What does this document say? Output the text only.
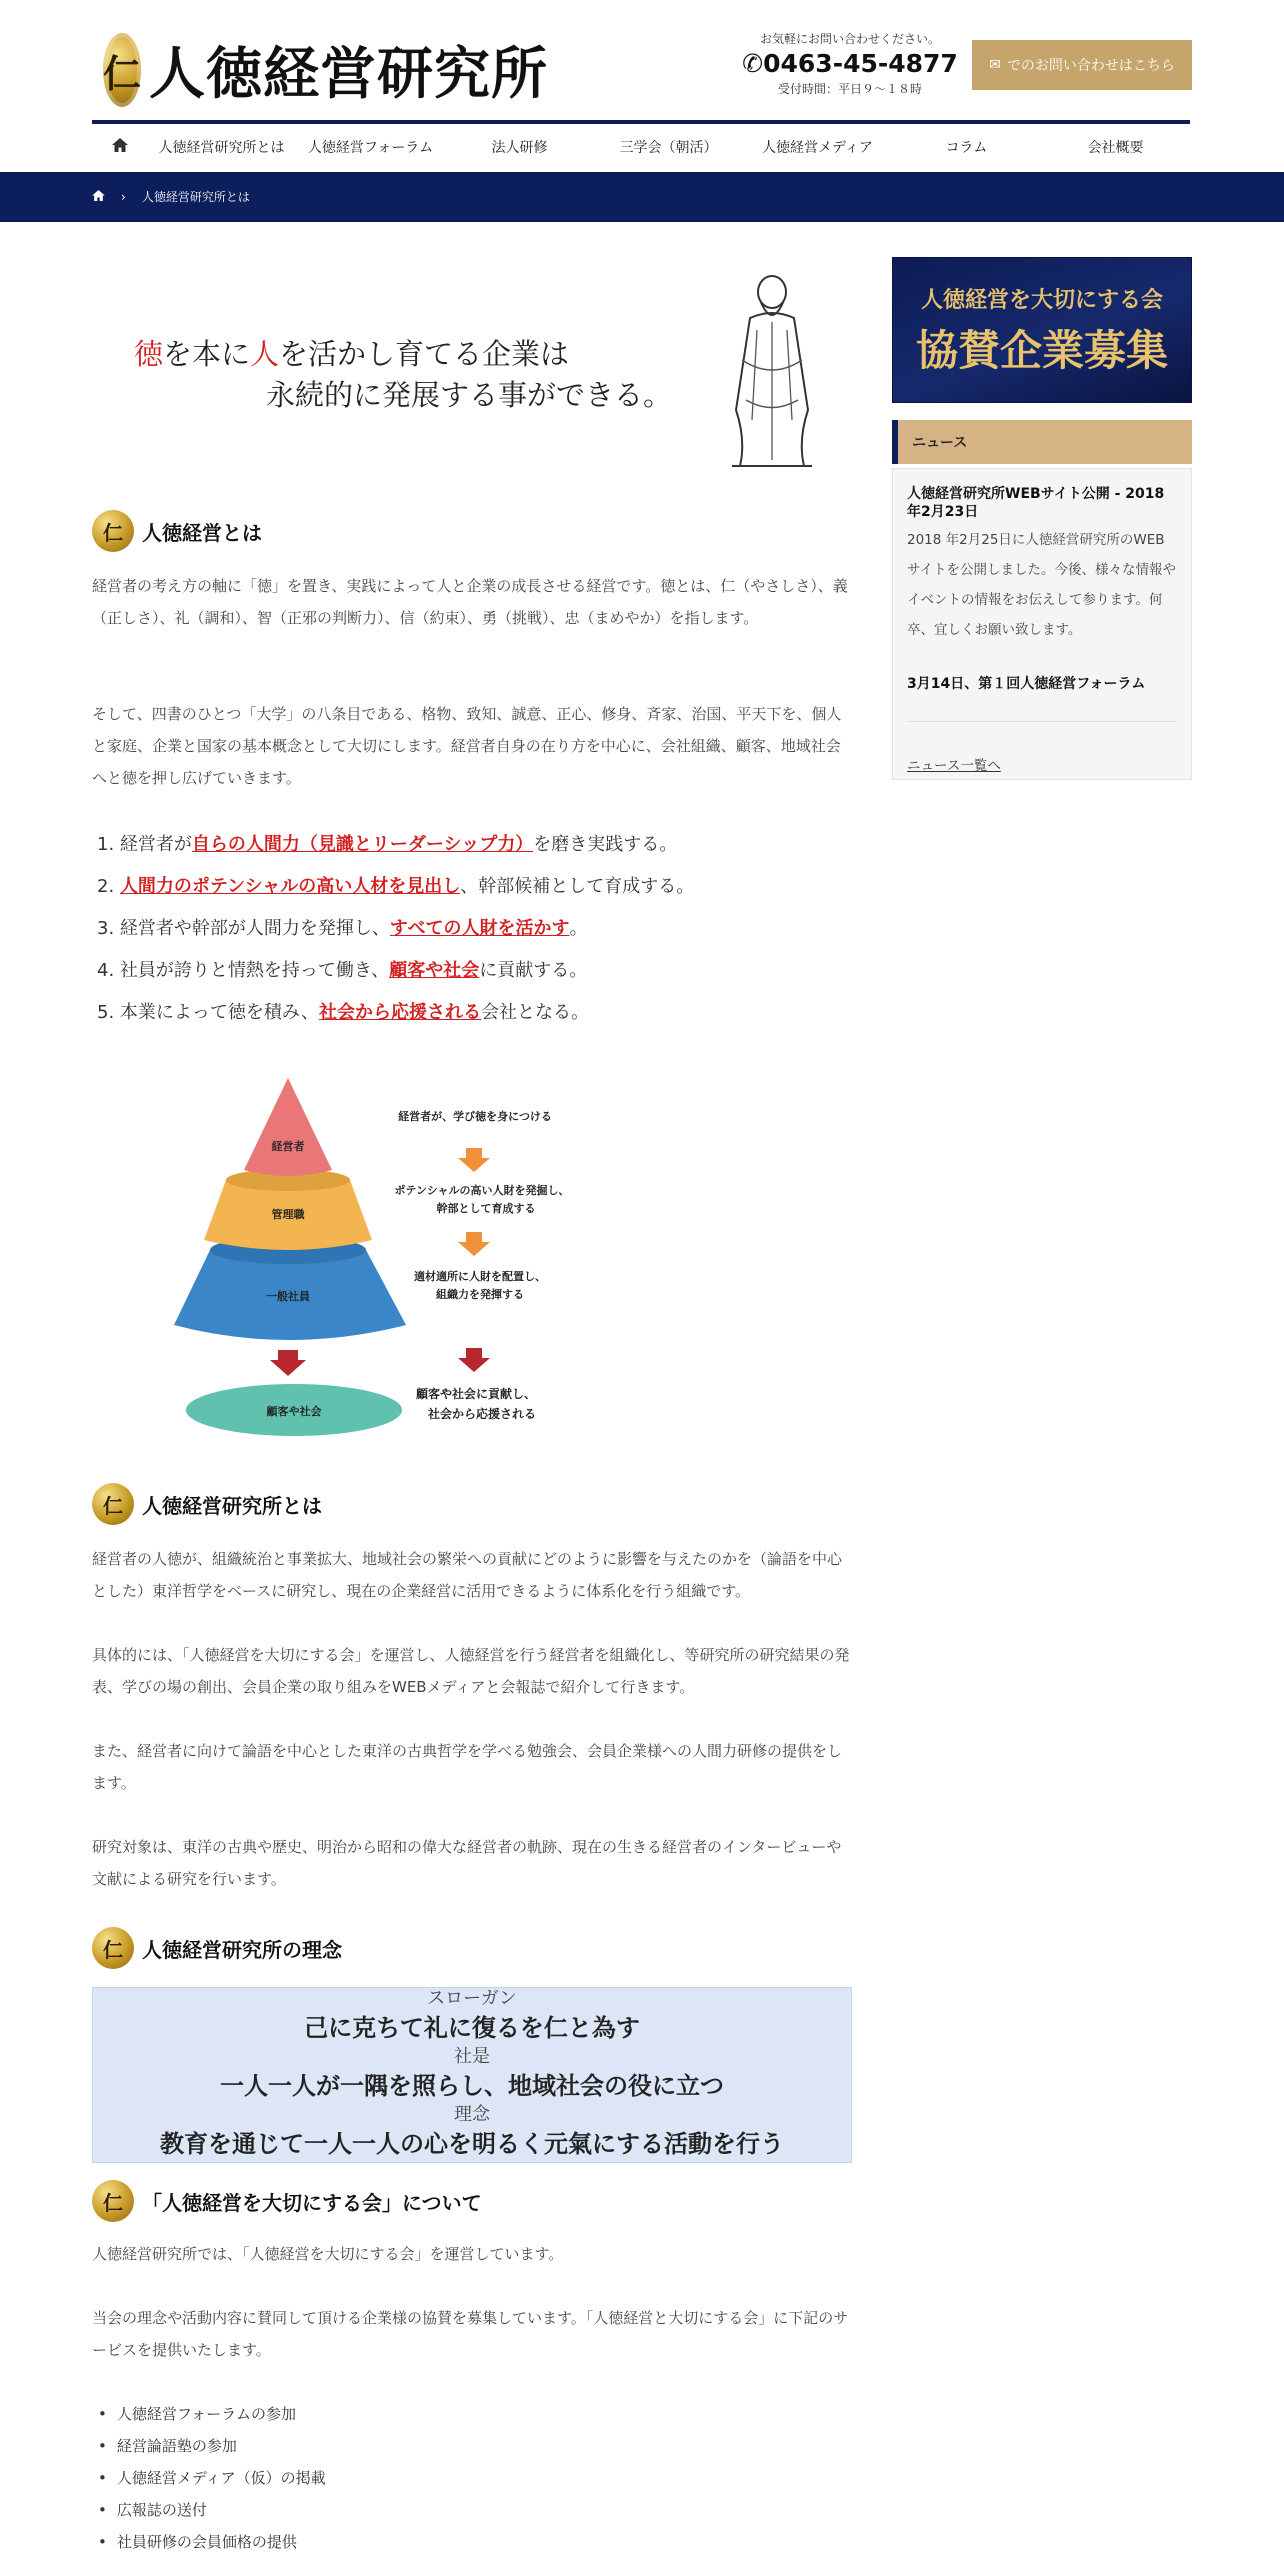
仁 人徳経営研究所
お気軽にお問い合わせください。
✆0463-45-4877
受付時間：平日９～１８時
✉ でのお問い合わせはこちら
人徳経営研究所とは	人徳経営フォーラム	法人研修	三学会（朝活）	人徳経営メディア	コラム	会社概要
› 人徳経営研究所とは
徳を本に人を活かし育てる企業は
永続的に発展する事ができる。
仁 人徳経営とは
経営者の考え方の軸に「徳」を置き、実践によって人と企業の成長させる経営です。徳とは、仁（やさしさ）、義（正しさ）、礼（調和）、智（正邪の判断力）、信（約束）、勇（挑戦）、忠（まめやか）を指します。
そして、四書のひとつ「大学」の八条目である、格物、致知、誠意、正心、修身、斉家、治国、平天下を、個人と家庭、企業と国家の基本概念として大切にします。経営者自身の在り方を中心に、会社組織、顧客、地域社会へと徳を押し広げていきます。
1. 経営者が自らの人間力（見識とリーダーシップ力）を磨き実践する。
2. 人間力のポテンシャルの高い人材を見出し、幹部候補として育成する。
3. 経営者や幹部が人間力を発揮し、すべての人財を活かす。
4. 社員が誇りと情熱を持って働き、顧客や社会に貢献する。
5. 本業によって徳を積み、社会から応援される会社となる。
経営者
管理職
一般社員
顧客や社会
経営者が、学び徳を身につける
ポテンシャルの高い人財を発掘し、
幹部として育成する
適材適所に人財を配置し、
組織力を発揮する
顧客や社会に貢献し、
社会から応援される
仁 人徳経営研究所とは
経営者の人徳が、組織統治と事業拡大、地域社会の繁栄への貢献にどのように影響を与えたのかを（論語を中心とした）東洋哲学をベースに研究し、現在の企業経営に活用できるように体系化を行う組織です。
具体的には、「人徳経営を大切にする会」を運営し、人徳経営を行う経営者を組織化し、等研究所の研究結果の発表、学びの場の創出、会員企業の取り組みをWEBメディアと会報誌で紹介して行きます。
また、経営者に向けて論語を中心とした東洋の古典哲学を学べる勉強会、会員企業様への人間力研修の提供をします。
研究対象は、東洋の古典や歴史、明治から昭和の偉大な経営者の軌跡、現在の生きる経営者のインタービューや文献による研究を行います。
仁 人徳経営研究所の理念
スローガン
己に克ちて礼に復るを仁と為す
社是
一人一人が一隅を照らし、地域社会の役に立つ
理念
教育を通じて一人一人の心を明るく元氣にする活動を行う
仁 「人徳経営を大切にする会」について
人徳経営研究所では、「人徳経営を大切にする会」を運営しています。
当会の理念や活動内容に賛同して頂ける企業様の協賛を募集しています。「人徳経営と大切にする会」に下記のサービスを提供いたします。
• 人徳経営フォーラムの参加
• 経営論語塾の参加
• 人徳経営メディア（仮）の掲載
• 広報誌の送付
• 社員研修の会員価格の提供
人徳経営を大切にする会
協賛企業募集
ニュース
人徳経営研究所WEBサイト公開 - 2018年2月23日
2018 年2月25日に人徳経営研究所のWEBサイトを公開しました。今後、様々な情報やイベントの情報をお伝えして参ります。何卒、宜しくお願い致します。
3月14日、第１回人徳経営フォーラム
ニュース一覧へ
